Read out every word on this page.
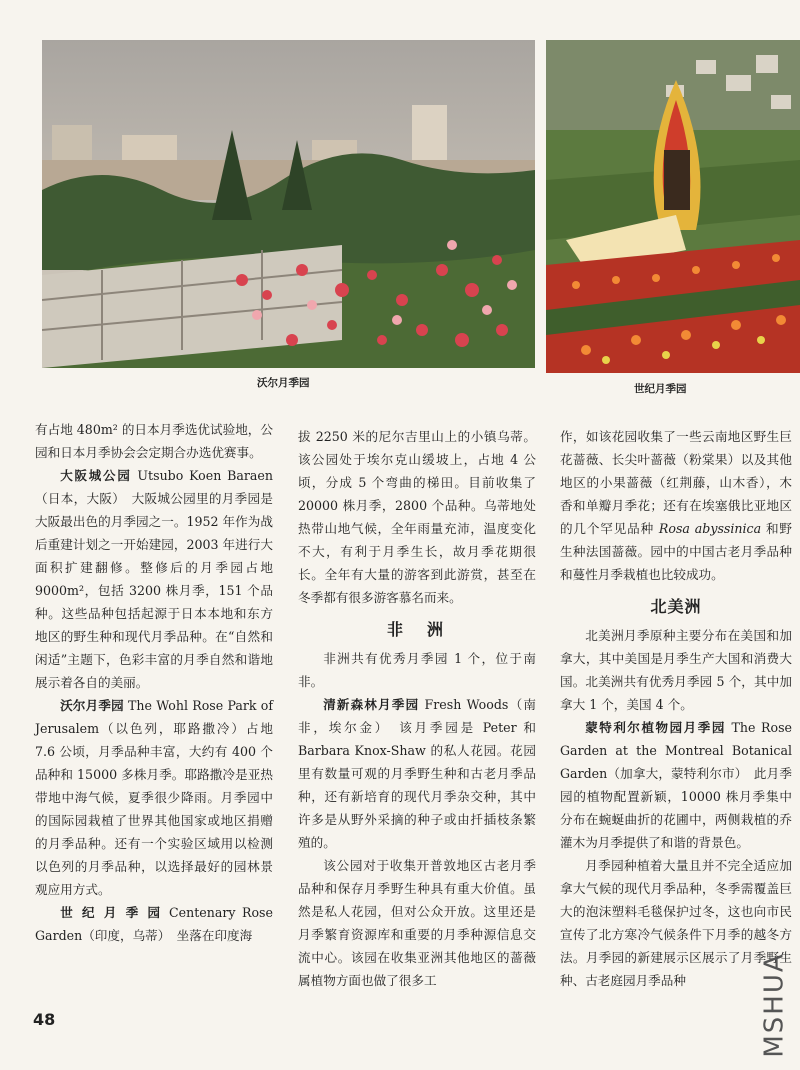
沃尔月季园	世纪月季园

有占地 480m² 的日本月季选优试验地，公园和日本月季协会会定期合办选优赛事。

大阪城公园 Utsubo Koen Baraen（日本，大阪）　大阪城公园里的月季园是大阪最出色的月季园之一。1952 年作为战后重建计划之一开始建园，2003 年进行大面积扩建翻修。整修后的月季园占地 9000m²，包括 3200 株月季，151 个品种。这些品种包括起源于日本本地和东方地区的野生种和现代月季品种。在“自然和闲适”主题下，色彩丰富的月季自然和谐地展示着各自的美丽。

沃尔月季园 The Wohl Rose Park of Jerusalem（以色列，耶路撒冷）占地 7.6 公顷，月季品种丰富，大约有 400 个品种和 15000 多株月季。耶路撒冷是亚热带地中海气候，夏季很少降雨。月季园中的国际园栽植了世界其他国家或地区捐赠的月季品种。还有一个实验区域用以检测以色列的月季品种，以选择最好的园林景观应用方式。

世 纪 月 季 园 Centenary Rose Garden（印度，乌蒂）　坐落在印度海

拔 2250 米的尼尔吉里山上的小镇乌蒂。该公园处于埃尔克山缓坡上，占地 4 公顷，分成 5 个弯曲的梯田。目前收集了 20000 株月季，2800 个品种。乌蒂地处热带山地气候，全年雨量充沛，温度变化不大，有利于月季生长，故月季花期很长。全年有大量的游客到此游赏，甚至在冬季都有很多游客慕名而来。

非　洲

非洲共有优秀月季园 1 个，位于南非。

清新森林月季园 Fresh Woods（南非，埃尔金）　该月季园是 Peter 和 Barbara Knox-Shaw 的私人花园。花园里有数量可观的月季野生种和古老月季品种，还有新培育的现代月季杂交种，其中许多是从野外采摘的种子或由扦插枝条繁殖的。

该公园对于收集开普敦地区古老月季品种和保存月季野生种具有重大价值。虽然是私人花园，但对公众开放。这里还是月季繁育资源库和重要的月季种源信息交流中心。该园在收集亚洲其他地区的蔷薇属植物方面也做了很多工

作，如该花园收集了一些云南地区野生巨花蔷薇、长尖叶蔷薇（粉棠果）以及其他地区的小果蔷薇（红荆藤，山木香），木香和单瓣月季花；还有在埃塞俄比亚地区的几个罕见品种 Rosa abyssinica 和野生种法国蔷薇。园中的中国古老月季品种和蔓性月季栽植也比较成功。

北美洲

北美洲月季原种主要分布在美国和加拿大，其中美国是月季生产大国和消费大国。北美洲共有优秀月季园 5 个，其中加拿大 1 个，美国 4 个。

蒙特利尔植物园月季园 The Rose Garden at the Montreal Botanical Garden（加拿大，蒙特利尔市）　此月季园的植物配置新颖，10000 株月季集中分布在蜿蜒曲折的花圃中，两侧栽植的乔灌木为月季提供了和谐的背景色。

月季园种植着大量且并不完全适应加拿大气候的现代月季品种，冬季需覆盖巨大的泡沫塑料毛毯保护过冬，这也向市民宣传了北方寒冷气候条件下月季的越冬方法。月季园的新建展示区展示了月季野生种、古老庭园月季品种

48	MSHUA
